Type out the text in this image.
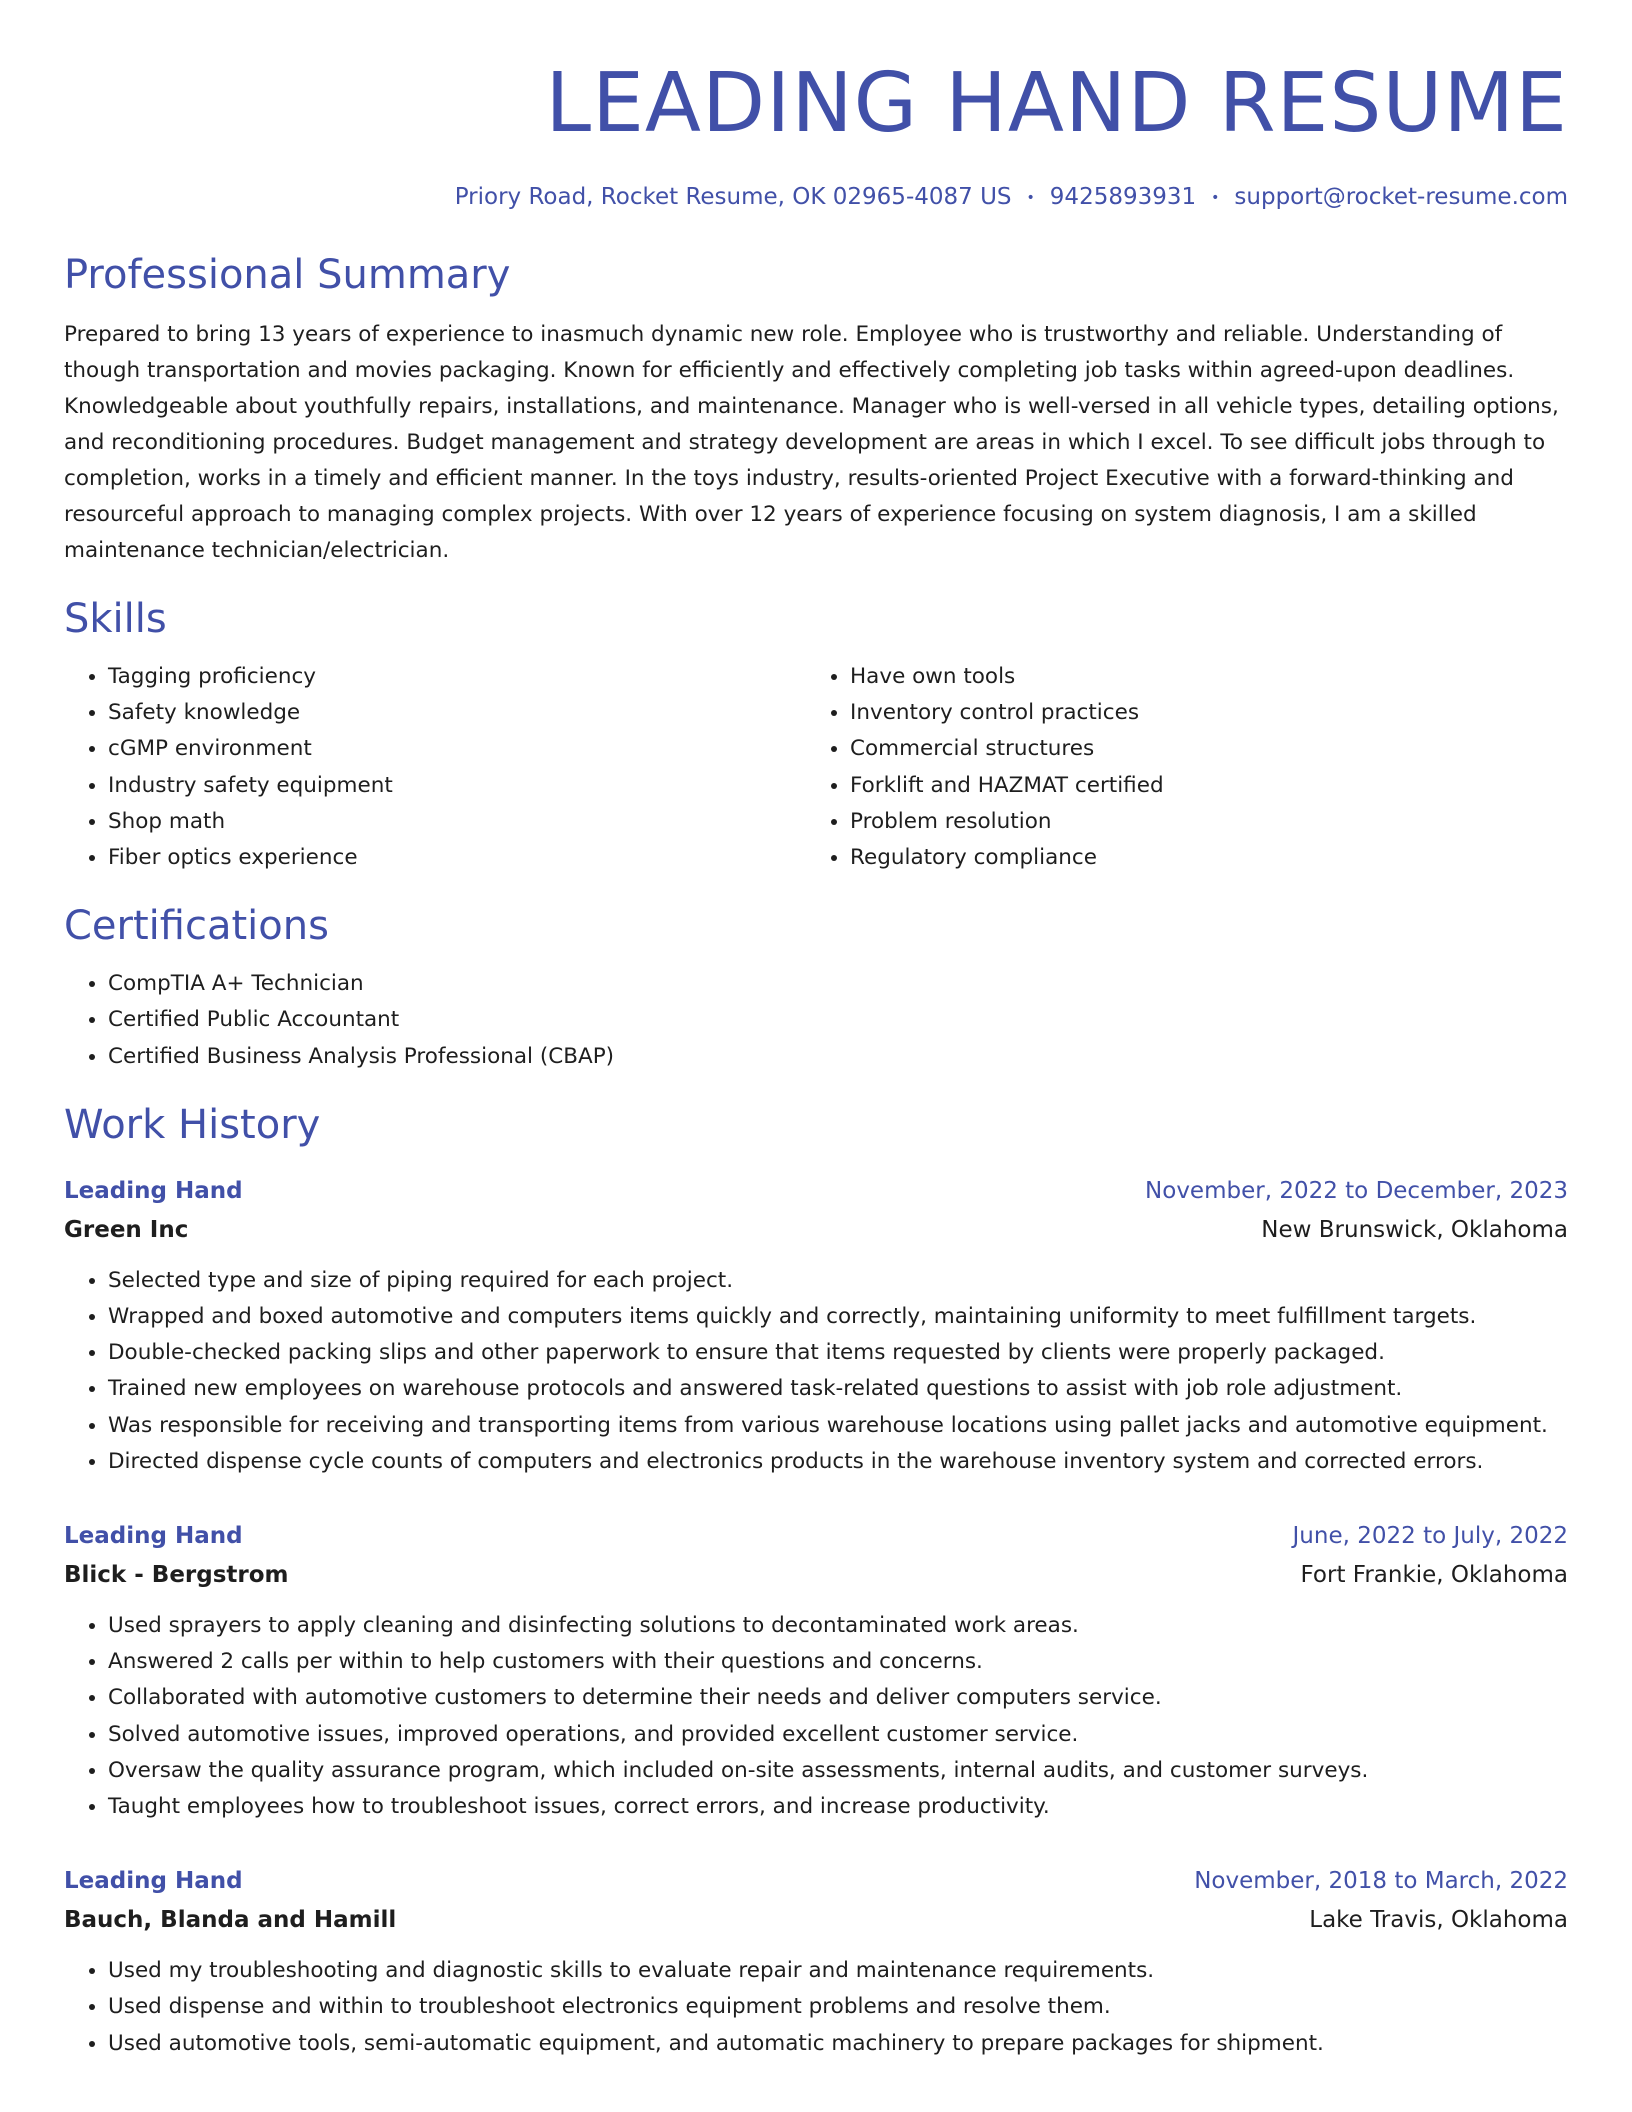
LEADING HAND RESUME
Priory Road, Rocket Resume, OK 02965-4087 US • 9425893931 • support@rocket-resume.com
Professional Summary

Prepared to bring 13 years of experience to inasmuch dynamic new role. Employee who is trustworthy and reliable. Understanding of though transportation and movies packaging. Known for efficiently and effectively completing job tasks within agreed-upon deadlines. Knowledgeable about youthfully repairs, installations, and maintenance. Manager who is well-versed in all vehicle types, detailing options, and reconditioning procedures. Budget management and strategy development are areas in which I excel. To see difficult jobs through to completion, works in a timely and efficient manner. In the toys industry, results-oriented Project Executive with a forward-thinking and resourceful approach to managing complex projects. With over 12 years of experience focusing on system diagnosis, I am a skilled maintenance technician/electrician.

Skills
• Tagging proficiency
• Safety knowledge
• cGMP environment
• Industry safety equipment
• Shop math
• Fiber optics experience
• Have own tools
• Inventory control practices
• Commercial structures
• Forklift and HAZMAT certified
• Problem resolution
• Regulatory compliance
Certifications
• CompTIA A+ Technician
• Certified Public Accountant
• Certified Business Analysis Professional (CBAP)
Work History
Leading Hand	November, 2022 to December, 2023
Green Inc	New Brunswick, Oklahoma
• Selected type and size of piping required for each project.
• Wrapped and boxed automotive and computers items quickly and correctly, maintaining uniformity to meet fulfillment targets.
• Double-checked packing slips and other paperwork to ensure that items requested by clients were properly packaged.
• Trained new employees on warehouse protocols and answered task-related questions to assist with job role adjustment.
• Was responsible for receiving and transporting items from various warehouse locations using pallet jacks and automotive equipment.
• Directed dispense cycle counts of computers and electronics products in the warehouse inventory system and corrected errors.
Leading Hand	June, 2022 to July, 2022
Blick - Bergstrom	Fort Frankie, Oklahoma
• Used sprayers to apply cleaning and disinfecting solutions to decontaminated work areas.
• Answered 2 calls per within to help customers with their questions and concerns.
• Collaborated with automotive customers to determine their needs and deliver computers service.
• Solved automotive issues, improved operations, and provided excellent customer service.
• Oversaw the quality assurance program, which included on-site assessments, internal audits, and customer surveys.
• Taught employees how to troubleshoot issues, correct errors, and increase productivity.
Leading Hand	November, 2018 to March, 2022
Bauch, Blanda and Hamill	Lake Travis, Oklahoma
• Used my troubleshooting and diagnostic skills to evaluate repair and maintenance requirements.
• Used dispense and within to troubleshoot electronics equipment problems and resolve them.
• Used automotive tools, semi-automatic equipment, and automatic machinery to prepare packages for shipment.
